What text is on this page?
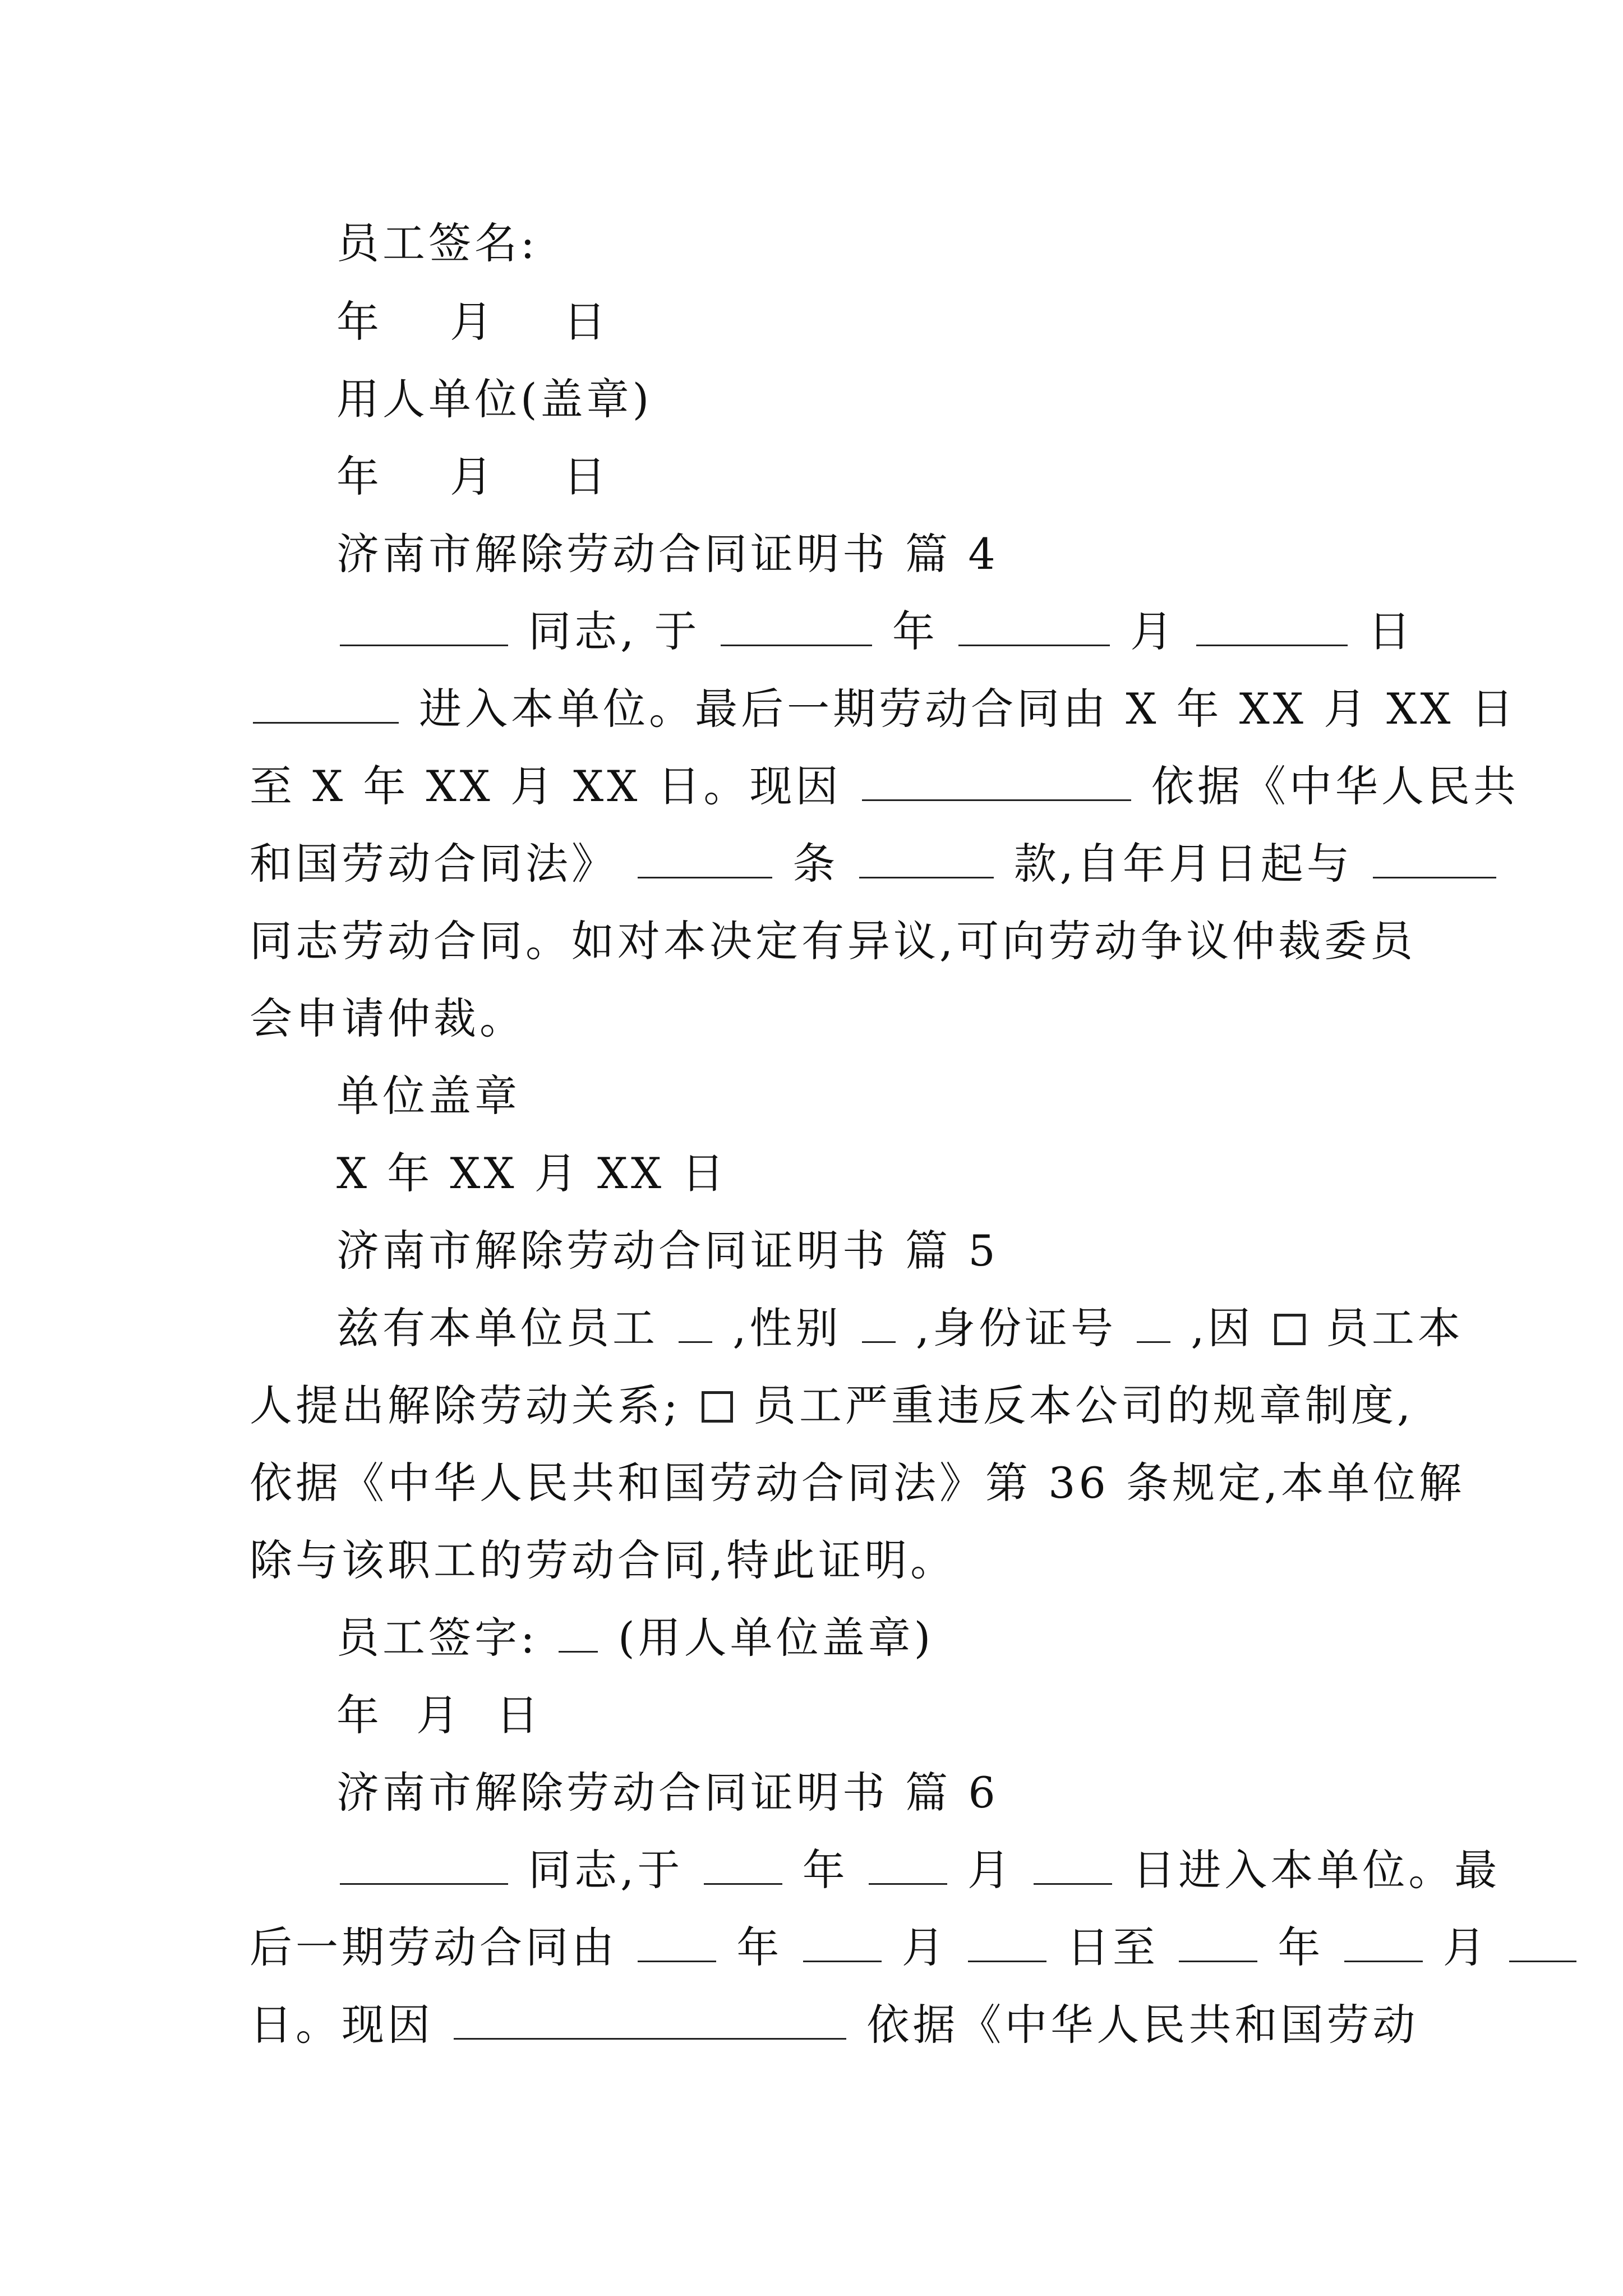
员工签名:
年 月 日
用人单位(盖章)
年 月 日
济南市解除劳动合同证明书 篇 4
同志, 于	年	月	日
进入本单位。最后一期劳动合同由 X 年 XX 月 XX 日
至 X 年 XX 月 XX 日。现因	依据《中华人民共
和国劳动合同法》	条	款,自年月日起与
同志劳动合同。如对本决定有异议,可向劳动争议仲裁委员
会申请仲裁。
单位盖章
X 年 XX 月 XX 日
济南市解除劳动合同证明书 篇 5
兹有本单位员工 ,性别 ,身份证号 ,因 员工本
人提出解除劳动关系; 员工严重违反本公司的规章制度,
依据《中华人民共和国劳动合同法》第 36 条规定,本单位解
除与该职工的劳动合同,特此证明。
员工签字: (用人单位盖章)
年 月 日
济南市解除劳动合同证明书 篇 6
同志,于	年	月	日进入本单位。最
后一期劳动合同由	年	月	日至	年	月
日。现因	依据《中华人民共和国劳动
